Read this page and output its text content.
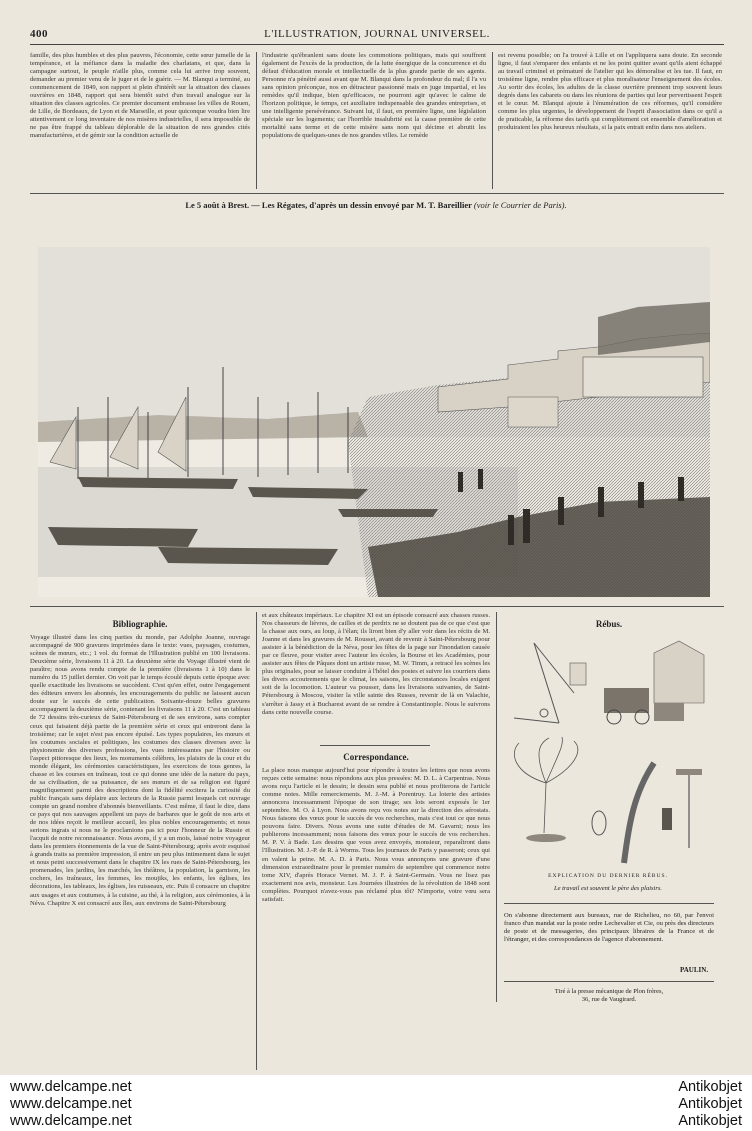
400	L'ILLUSTRATION, JOURNAL UNIVERSEL.
famille, des plus humbles et des plus pauvres, l'économie, cette sœur jumelle de la tempérance, et la méfiance dans la maladie des charlatans, et que, dans la campagne surtout, le peuple n'aille plus, comme cela lui arrive trop souvent, demander au premier venu de le juger et de le guérir. — M. Blanqui a terminé, au commencement de 1849, son rapport si plein d'intérêt sur la situation des classes ouvrières en 1848, rapport qui sera bientôt suivi d'un travail analogue sur la situation des classes agricoles. Ce premier document embrasse les villes de Rouen, de Lille, de Bordeaux, de Lyon et de Marseille, et pour quiconque voudra bien lire attentivement ce long inventaire de nos misères industrielles, il sera impossible de ne pas être frappé du tableau déplorable de la situation de nos grandes cités manufacturières, et de gémir sur la condition actuelle de
l'industrie qu'ébranlent sans doute les commotions politiques, mais qui souffrent également de l'excès de la production, de la lutte énergique de la concurrence et du défaut d'éducation morale et intellectuelle de la plus grande partie de ses agents. Personne n'a pénétré aussi avant que M. Blanqui dans la profondeur du mal; il l'a vu sans opinion préconçue, nos en détracteur passionné mais en juge impartial, et les remèdes qu'il indique, bien qu'efficaces, ne pourront agir qu'avec le calme de l'horizon politique, le temps, cet auxiliaire indispensable des grandes entreprises, et une intelligente persévérance. Suivant lui, il faut, en première ligne, une législation spéciale sur les logements; car l'horrible insalubrité est la cause première de cette mortalité sans terme et de cette misère sans nom qui décime et abrutit les populations de quelques-unes de nos grandes villes. Le remède
est revenu possible; on l'a trouvé à Lille et on l'appliquera sans doute. En seconde ligne, il faut s'emparer des enfants et ne les point quitter avant qu'ils aient échappé au travail criminel et prématuré de l'atelier qui les démoralise et les tue. Il faut, en troisième ligne, rendre plus efficace et plus moralisateur l'enseignement des écoles. Au sortir des écoles, les adultes de la classe ouvrière prennent trop souvent leurs degrés dans les cabarets ou dans les réunions de parties qui leur pervertissent l'esprit et le cœur. M. Blanqui ajoute à l'énumération de ces réformes, qu'il considère comme les plus urgentes, le développement de l'esprit d'association dans ce qu'il a de praticable, la réforme des tarifs qui complètement cet ensemble d'amélioration et produiraient les plus heureux résultats, si la paix entrait enfin dans nos ateliers.
Le 5 août à Brest. — Les Régates, d'après un dessin envoyé par M. T. Bareillier (voir le Courrier de Paris).
Bibliographie.
Voyage illustré dans les cinq parties du monde, par Adolphe Joanne, ouvrage accompagné de 900 gravures imprimées dans le texte: vues, paysages, costumes, scènes de mœurs, etc.; 1 vol. du format de l'Illustration publié en 100 livraisons. Deuxième série, livraisons 11 à 20. La deuxième série du Voyage illustré vient de paraître; nous avons rendu compte de la première (livraisons 1 à 10) dans le numéro du 15 juillet dernier. On voit par le temps écoulé depuis cette époque avec quelle exactitude les livraisons se succèdent. C'est qu'en effet, outre l'engagement des éditeurs envers les abonnés, les encouragements du public ne laissent aucun doute sur le succès de cette publication. Soixante-douze belles gravures accompagnent la deuxième série, contenant les livraisons 11 à 20. C'est un tableau de 72 dessins très-curieux de Saint-Pétersbourg et de ses environs, sans compter ceux qui faisaient déjà partie de la première série et ceux qui entreront dans la troisième; car le sujet n'est pas encore épuisé. Les types populaires, les mœurs et les coutumes sociales et politiques, les costumes des classes diverses avec la physionomie des diverses professions, les vues intéressantes par l'histoire ou l'aspect pittoresque des lieux, les monuments célèbres, les plaisirs de la cour et du monde élégant, les cérémonies caractéristiques, les exercices de tous genres, la chasse et les courses en traîneau, tout ce qui donne une idée de la nature du pays, de sa civilisation, de sa puissance, de ses mœurs et de sa religion est figuré magnifiquement parmi des descriptions dont la fidélité excitera la curiosité du public français sans déplaire aux lecteurs de la Russie parmi lesquels cet ouvrage compte un grand nombre d'abonnés bienveillants. C'est même, il faut le dire, dans ce pays qui nos sauvages appellent un pays de barbares que le goût de nos arts et de nos idées reçoit le meilleur accueil, les plus nobles encouragements; et nous serions ingrats si nous ne le proclamions pas ici pour l'honneur de la Russie et l'acquit de notre reconnaissance. Nous avons, il y a un mois, laissé notre voyageur dans les premiers étonnements de la vue de Saint-Pétersbourg; après avoir esquissé à grands traits sa première impression, il entre un peu plus intimement dans le sujet et nous peint successivement dans le chapitre IX les rues de Saint-Pétersbourg, les promenades, les jardins, les marchés, les théâtres, la population, la garnison, les cochers, les traîneaux, les femmes, les moujiks, les enfants, les églises, les décorations, les tableaux, les églises, les ruisseaux, etc. Puis il consacre un chapitre aux usages et aux coutumes, à la cuisine, au thé, à la religion, aux cérémonies, à la Néva. Chapitre X est consacré aux îles, aux environs de Saint-Pétersbourg
et aux châteaux impériaux. Le chapitre XI est un épisode consacré aux chasses russes. Nos chasseurs de lièvres, de cailles et de perdrix ne se doutent pas de ce que c'est que la chasse aux ours, au loup, à l'élan; ils liront bien d'y aller voir dans les récits de M. Joanne et dans les gravures de M. Rousset, avant de revenir à Saint-Pétersbourg pour assister à la bénédiction de la Néva, pour les fêtes de la page sur l'inondation causée par ce fleuve, pour visiter avec l'auteur les écoles, la Bourse et les Académies, pour assister aux fêtes de Pâques dont un artiste russe, M. W. Timm, a retracé les scènes les plus originales, pour se laisser conduire à l'hôtel des postes et suivre les courriers dans les divers accoutrements que le climat, les saisons, les circonstances locales exigent soit de la locomotion. L'auteur va pousser, dans les livraisons suivantes, de Saint-Pétersbourg à Moscou, visiter la ville sainte des Russes, revenir de là en Valachie, s'arrêter à Jassy et à Bucharest avant de se rendre à Constantinople. Nous le suivrons dans cette nouvelle course.
Correspondance.
La place nous manque aujourd'hui pour répondre à toutes les lettres que nous avons reçues cette semaine: nous répondons aux plus pressées: M. D. L. à Carpentras. Nous avons reçu l'article et le dessin; le dessin sera publié et nous profiterons de l'article comme notes. Mille remerciements. M. J.-M. à Porentruy. La loterie des artistes annoncera incessamment l'époque de son tirage; ses lots seront exposés le 1er septembre. M. O. à Lyon. Nous avons reçu vos notes sur la direction des aérostats. Nous faisons des vœux pour le succès de vos recherches, mais c'est tout ce que nous pouvons faire. Divers. Nous avons une suite d'études de M. Gavarni; nous les publierons incessamment; nous faisons des vœux pour le succès de vos recherches. M. P. V. à Bade. Les dessins que vous avez envoyés, monsieur, reparaîtront dans l'Illustration. M. J.-P. de R. à Worms. Tous les journaux de Paris y passeront; ceux qui en valent la peine. M. A. D. à Paris. Nous vous annonçons une gravure d'une dimension extraordinaire pour le premier numéro de septembre qui commence notre tome XIV, d'après Horace Vernet. M. J. F. à Saint-Germain. Vous ne lisez pas exactement nos avis, monsieur. Les Journées illustrées de la révolution de 1848 sont complètes. Pourquoi n'avez-vous pas réclamé plus tôt? N'importe, votre vœu sera satisfait.
Rébus.
EXPLICATION DU DERNIER RÉBUS.
Le travail est souvent le père des plaisirs.
On s'abonne directement aux bureaux, rue de Richelieu, no 60, par l'envoi franco d'un mandat sur la poste ordre Lechevalier et Cie, ou près des directeurs de poste et de messageries, des principaux libraires de la France et de l'étranger, et des correspondances de l'agence d'abonnement.
PAULIN.
Tiré à la presse mécanique de Plon frères,
36, rue de Vaugirard.
www.delcampe.net
www.delcampe.net
www.delcampe.net
Antikobjet
Antikobjet
Antikobjet
